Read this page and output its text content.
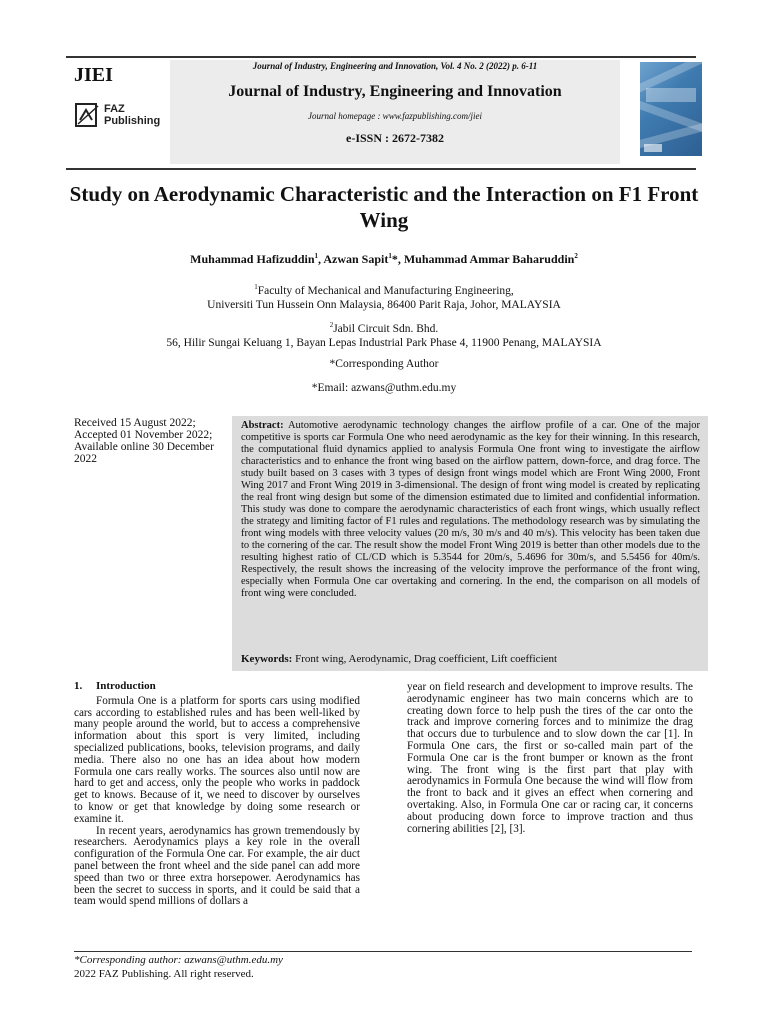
JIEI
FAZ
Publishing
Journal of Industry, Engineering and Innovation, Vol. 4 No. 2 (2022) p. 6-11
Journal of Industry, Engineering and Innovation
Journal homepage : www.fazpublishing.com/jiei
e-ISSN : 2672-7382
Study on Aerodynamic Characteristic and the Interaction on F1 Front Wing
Muhammad Hafizuddin$^1$, Azwan Sapit$^1$*, Muhammad Ammar Baharuddin$^2$
$^1$Faculty of Mechanical and Manufacturing Engineering,
Universiti Tun Hussein Onn Malaysia, 86400 Parit Raja, Johor, MALAYSIA
$^2$Jabil Circuit Sdn. Bhd.
56, Hilir Sungai Keluang 1, Bayan Lepas Industrial Park Phase 4, 11900 Penang, MALAYSIA
*Corresponding Author
*Email: azwans@uthm.edu.my
Received 15 August 2022;
Accepted 01 November 2022;
Available online 30 December 2022
Abstract: Automotive aerodynamic technology changes the airflow profile of a car. One of the major competitive is sports car Formula One who need aerodynamic as the key for their winning. In this research, the computational fluid dynamics applied to analysis Formula One front wing to investigate the airflow characteristics and to enhance the front wing based on the airflow pattern, down-force, and drag force. The study built based on 3 cases with 3 types of design front wings model which are Front Wing 2000, Front Wing 2017 and Front Wing 2019 in 3-dimensional. The design of front wing model is created by replicating the real front wing design but some of the dimension estimated due to limited and confidential information. This study was done to compare the aerodynamic characteristics of each front wings, which usually reflect the strategy and limiting factor of F1 rules and regulations. The methodology research was by simulating the front wing models with three velocity values (20 m/s, 30 m/s and 40 m/s). This velocity has been taken due to the cornering of the car. The result show the model Front Wing 2019 is better than other models due to the resulting highest ratio of CL/CD which is 5.3544 for 20m/s, 5.4696 for 30m/s, and 5.5456 for 40m/s. Respectively, the result shows the increasing of the velocity improve the performance of the front wing, especially when Formula One car overtaking and cornering. In the end, the comparison on all models of front wing were concluded.
Keywords: Front wing, Aerodynamic, Drag coefficient, Lift coefficient
1. Introduction

Formula One is a platform for sports cars using modified cars according to established rules and has been well-liked by many people around the world, but to access a comprehensive information about this sport is very limited, including specialized publications, books, television programs, and daily media. There also no one has an idea about how modern Formula one cars really works. The sources also until now are hard to get and access, only the people who works in paddock get to knows. Because of it, we need to discover by ourselves to know or get that knowledge by doing some research or examine it.

In recent years, aerodynamics has grown tremendously by researchers. Aerodynamics plays a key role in the overall configuration of the Formula One car. For example, the air duct panel between the front wheel and the side panel can add more speed than two or three extra horsepower. Aerodynamics has been the secret to success in sports, and it could be said that a team would spend millions of dollars a

year on field research and development to improve results. The aerodynamic engineer has two main concerns which are to creating down force to help push the tires of the car onto the track and improve cornering forces and to minimize the drag that occurs due to turbulence and to slow down the car [1]. In Formula One cars, the first or so-called main part of the Formula One car is the front bumper or known as the front wing. The front wing is the first part that play with aerodynamics in Formula One because the wind will flow from the front to back and it gives an effect when cornering and overtaking. Also, in Formula One car or racing car, it concerns about producing down force to improve traction and thus cornering abilities [2], [3].

*Corresponding author: azwans@uthm.edu.my
2022 FAZ Publishing. All right reserved.
